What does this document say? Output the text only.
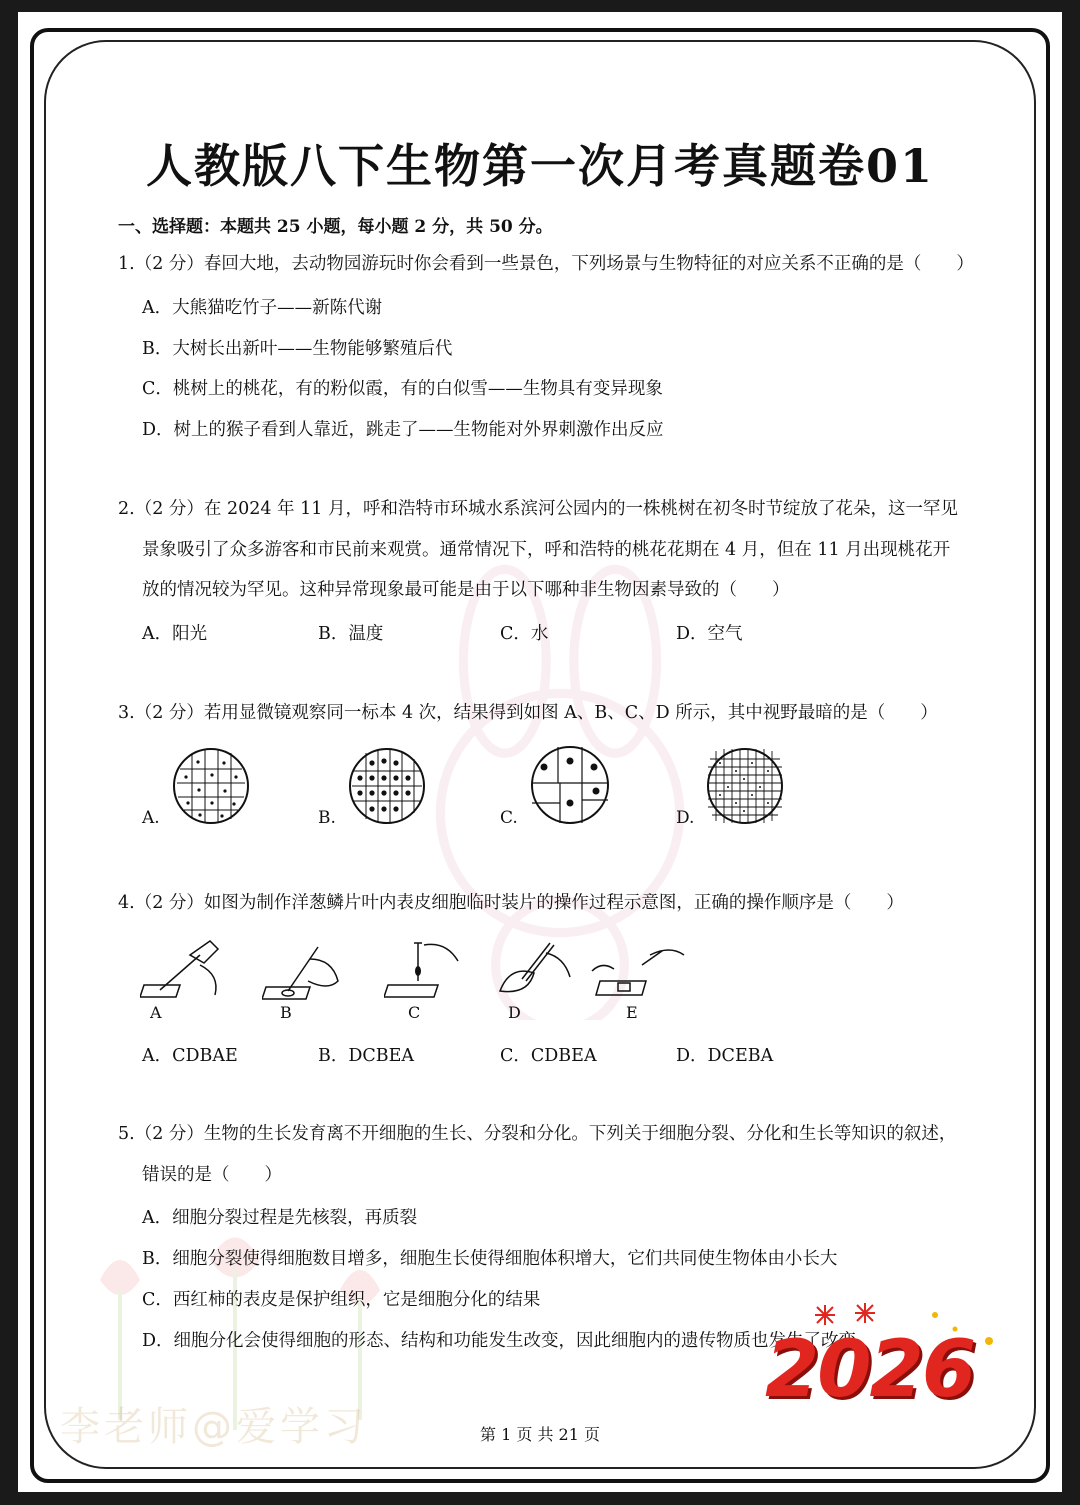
人教版八下生物第一次月考真题卷01
一、选择题：本题共 25 小题，每小题 2 分，共 50 分。
1.（2 分）春回大地，去动物园游玩时你会看到一些景色，下列场景与生物特征的对应关系不正确的是（　　）
A．大熊猫吃竹子——新陈代谢
B．大树长出新叶——生物能够繁殖后代
C．桃树上的桃花，有的粉似霞，有的白似雪——生物具有变异现象
D．树上的猴子看到人靠近，跳走了——生物能对外界刺激作出反应
2.（2 分）在 2024 年 11 月，呼和浩特市环城水系滨河公园内的一株桃树在初冬时节绽放了花朵，这一罕见
景象吸引了众多游客和市民前来观赏。通常情况下，呼和浩特的桃花花期在 4 月，但在 11 月出现桃花开
放的情况较为罕见。这种异常现象最可能是由于以下哪种非生物因素导致的（　　）
A．阳光	B．温度	C．水	D．空气
3.（2 分）若用显微镜观察同一标本 4 次，结果得到如图 A、B、C、D 所示，其中视野最暗的是（　　）
A.	B.	C.	D.
4.（2 分）如图为制作洋葱鳞片叶内表皮细胞临时装片的操作过程示意图，正确的操作顺序是（　　）
A	B	C	D	E
A．CDBAE	B．DCBEA	C．CDBEA	D．DCEBA
5.（2 分）生物的生长发育离不开细胞的生长、分裂和分化。下列关于细胞分裂、分化和生长等知识的叙述，
错误的是（　　）
A．细胞分裂过程是先核裂，再质裂
B．细胞分裂使得细胞数目增多，细胞生长使得细胞体积增大，它们共同使生物体由小长大
C．西红柿的表皮是保护组织，它是细胞分化的结果
D．细胞分化会使得细胞的形态、结构和功能发生改变，因此细胞内的遗传物质也发生了改变
李老师@爱学习
2026
第 1 页 共 21 页
